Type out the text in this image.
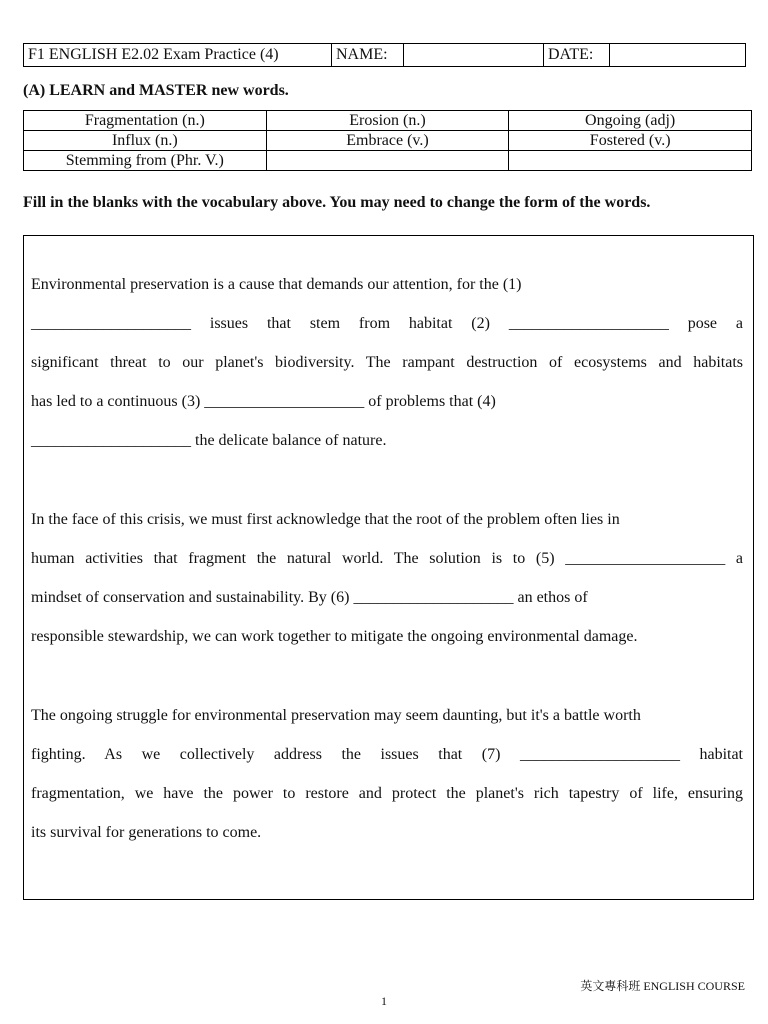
F1 ENGLISH E2.02 Exam Practice (4)	NAME:		DATE:	
(A) LEARN and MASTER new words.
Fragmentation (n.)	Erosion (n.)	Ongoing (adj)
Influx (n.)	Embrace (v.)	Fostered (v.)
Stemming from (Phr. V.)		
Fill in the blanks with the vocabulary above. You may need to change the form of the words.
Environmental preservation is a cause that demands our attention, for the (1)
____________________ issues that stem from habitat (2) ____________________ pose a
significant threat to our planet's biodiversity. The rampant destruction of ecosystems and habitats
has led to a continuous (3) ____________________ of problems that (4)
____________________ the delicate balance of nature.
In the face of this crisis, we must first acknowledge that the root of the problem often lies in
human activities that fragment the natural world. The solution is to (5) ____________________ a
mindset of conservation and sustainability. By (6) ____________________ an ethos of
responsible stewardship, we can work together to mitigate the ongoing environmental damage.
The ongoing struggle for environmental preservation may seem daunting, but it's a battle worth
fighting. As we collectively address the issues that (7) ____________________ habitat
fragmentation, we have the power to restore and protect the planet's rich tapestry of life, ensuring
its survival for generations to come.
英文專科班 ENGLISH COURSE
1
